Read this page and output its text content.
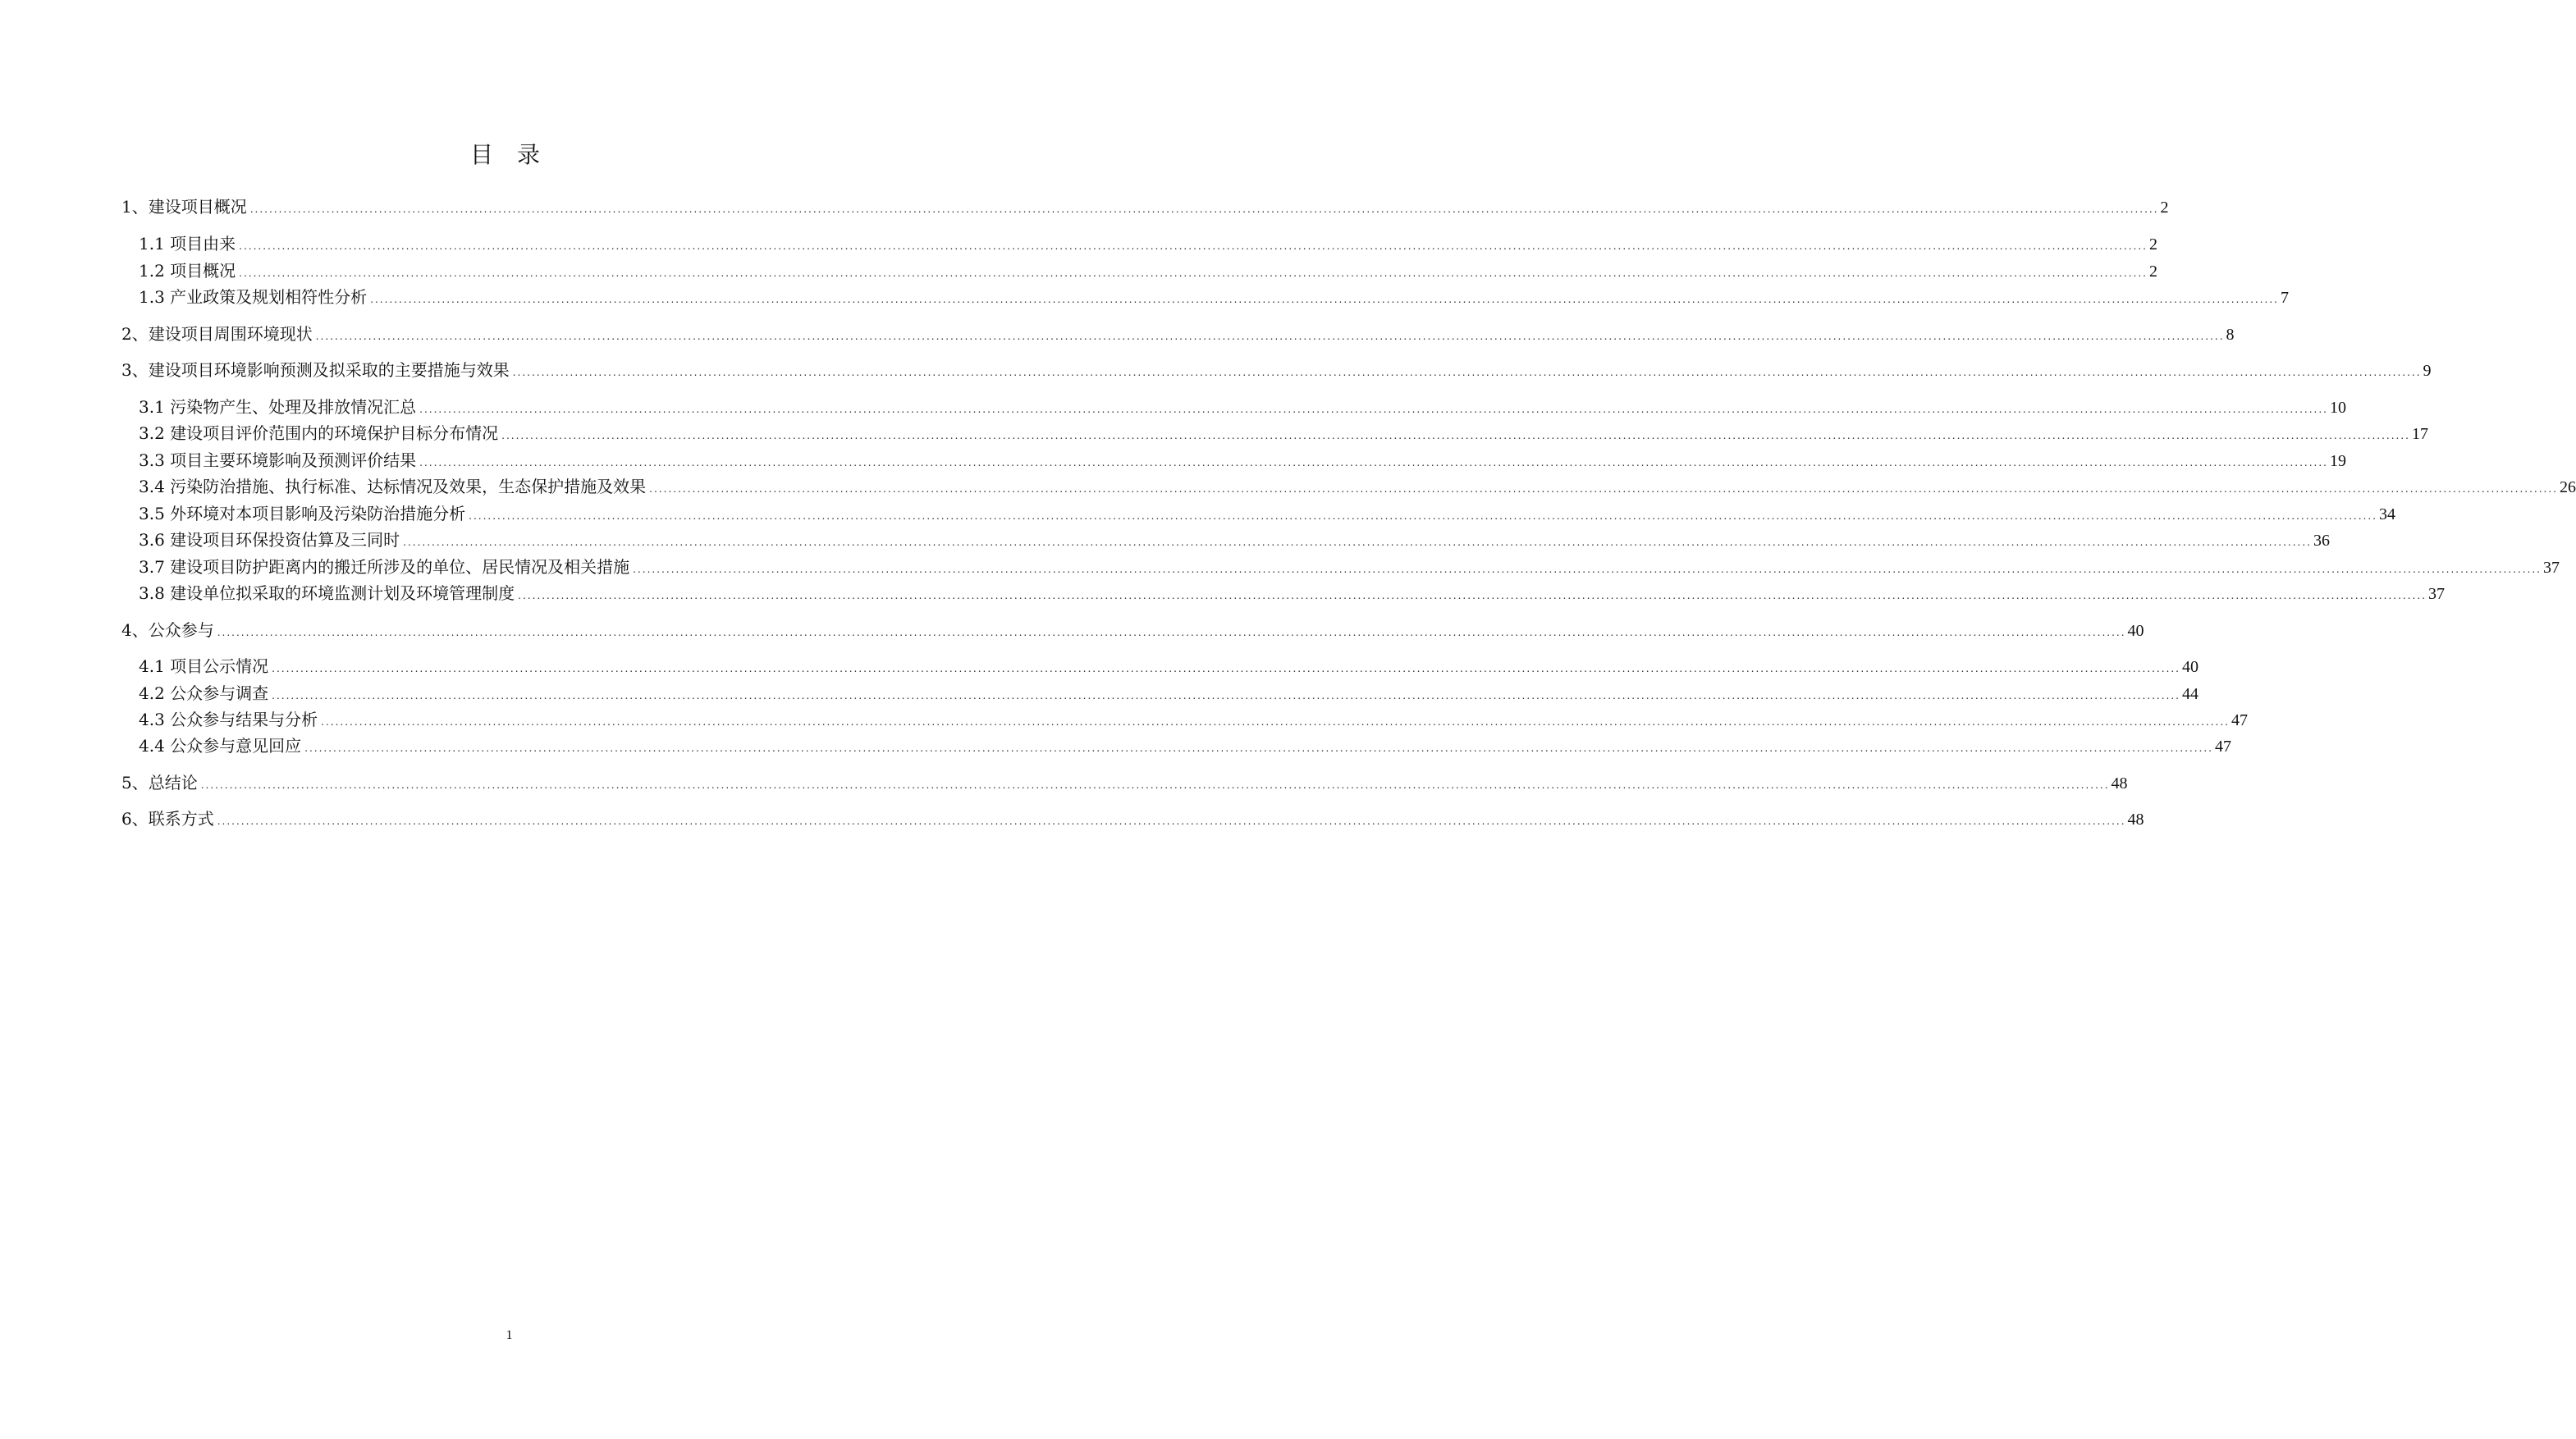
目 录
1、建设项目概况 ................................................................................................................................................................................................................................................................................................................................................................................................................ 2
1.1 项目由来 ................................................................................................................................................................................................................................................................................................................................................................................................................ 2
1.2 项目概况 ................................................................................................................................................................................................................................................................................................................................................................................................................ 2
1.3 产业政策及规划相符性分析 ................................................................................................................................................................................................................................................................................................................................................................................................................ 7
2、建设项目周围环境现状 ................................................................................................................................................................................................................................................................................................................................................................................................................ 8
3、建设项目环境影响预测及拟采取的主要措施与效果 ................................................................................................................................................................................................................................................................................................................................................................................................................ 9
3.1 污染物产生、处理及排放情况汇总 ................................................................................................................................................................................................................................................................................................................................................................................................................ 10
3.2 建设项目评价范围内的环境保护目标分布情况 ................................................................................................................................................................................................................................................................................................................................................................................................................ 17
3.3 项目主要环境影响及预测评价结果 ................................................................................................................................................................................................................................................................................................................................................................................................................ 19
3.4 污染防治措施、执行标准、达标情况及效果，生态保护措施及效果 ................................................................................................................................................................................................................................................................................................................................................................................................................ 26
3.5 外环境对本项目影响及污染防治措施分析 ................................................................................................................................................................................................................................................................................................................................................................................................................ 34
3.6 建设项目环保投资估算及三同时 ................................................................................................................................................................................................................................................................................................................................................................................................................ 36
3.7 建设项目防护距离内的搬迁所涉及的单位、居民情况及相关措施 ................................................................................................................................................................................................................................................................................................................................................................................................................ 37
3.8 建设单位拟采取的环境监测计划及环境管理制度 ................................................................................................................................................................................................................................................................................................................................................................................................................ 37
4、公众参与 ................................................................................................................................................................................................................................................................................................................................................................................................................ 40
4.1 项目公示情况 ................................................................................................................................................................................................................................................................................................................................................................................................................ 40
4.2 公众参与调查 ................................................................................................................................................................................................................................................................................................................................................................................................................ 44
4.3 公众参与结果与分析 ................................................................................................................................................................................................................................................................................................................................................................................................................ 47
4.4 公众参与意见回应 ................................................................................................................................................................................................................................................................................................................................................................................................................ 47
5、总结论 ................................................................................................................................................................................................................................................................................................................................................................................................................ 48
6、联系方式 ................................................................................................................................................................................................................................................................................................................................................................................................................ 48
1
